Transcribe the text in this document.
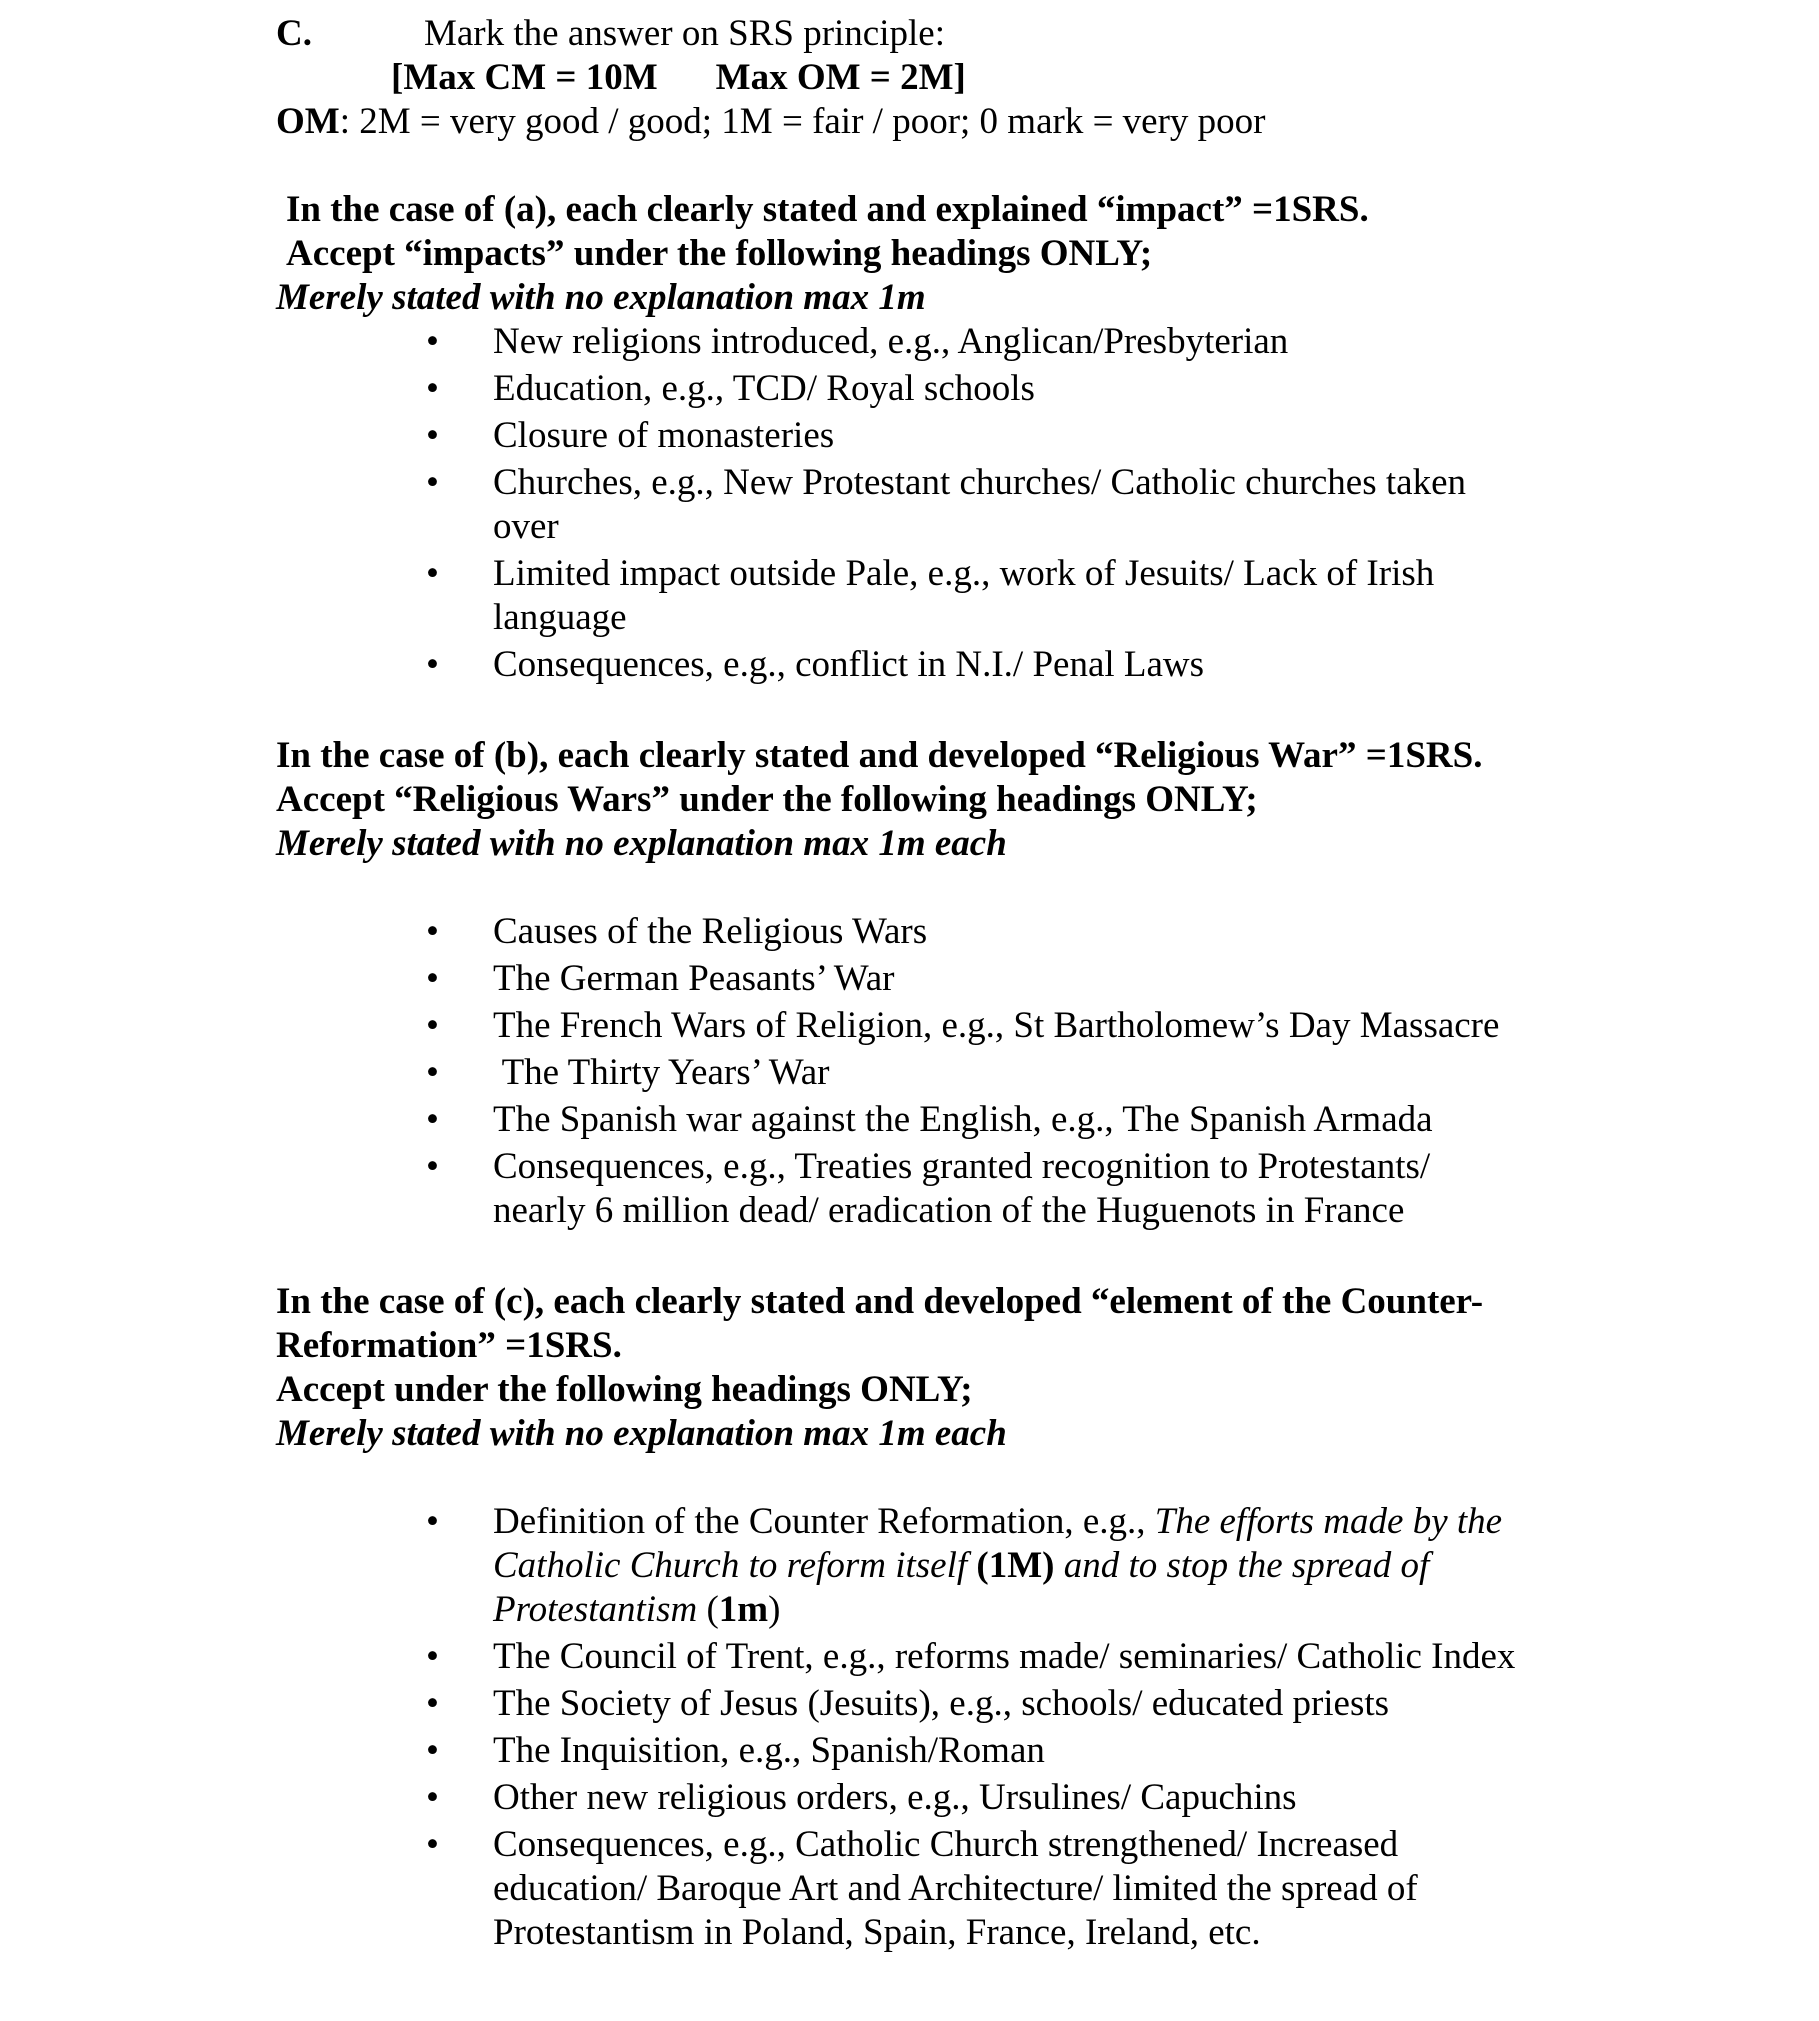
C.	Mark the answer on SRS principle:
[Max CM = 10M Max OM = 2M]
OM: 2M = very good / good; 1M = fair / poor; 0 mark = very poor
In the case of (a), each clearly stated and explained “impact” =1SRS.
Accept “impacts” under the following headings ONLY;
Merely stated with no explanation max 1m
• New religions introduced, e.g., Anglican/Presbyterian
• Education, e.g., TCD/ Royal schools
• Closure of monasteries
• Churches, e.g., New Protestant churches/ Catholic churches taken over
• Limited impact outside Pale, e.g., work of Jesuits/ Lack of Irish language
• Consequences, e.g., conflict in N.I./ Penal Laws
In the case of (b), each clearly stated and developed “Religious War” =1SRS.
Accept “Religious Wars” under the following headings ONLY;
Merely stated with no explanation max 1m each
• Causes of the Religious Wars
• The German Peasants’ War
• The French Wars of Religion, e.g., St Bartholomew’s Day Massacre
• The Thirty Years’ War
• The Spanish war against the English, e.g., The Spanish Armada
• Consequences, e.g., Treaties granted recognition to Protestants/ nearly 6 million dead/ eradication of the Huguenots in France
In the case of (c), each clearly stated and developed “element of the Counter-
Reformation” =1SRS.
Accept under the following headings ONLY;
Merely stated with no explanation max 1m each
• Definition of the Counter Reformation, e.g., The efforts made by the Catholic Church to reform itself (1M) and to stop the spread of Protestantism (1m)
• The Council of Trent, e.g., reforms made/ seminaries/ Catholic Index
• The Society of Jesus (Jesuits), e.g., schools/ educated priests
• The Inquisition, e.g., Spanish/Roman
• Other new religious orders, e.g., Ursulines/ Capuchins
• Consequences, e.g., Catholic Church strengthened/ Increased education/ Baroque Art and Architecture/ limited the spread of Protestantism in Poland, Spain, France, Ireland, etc.
